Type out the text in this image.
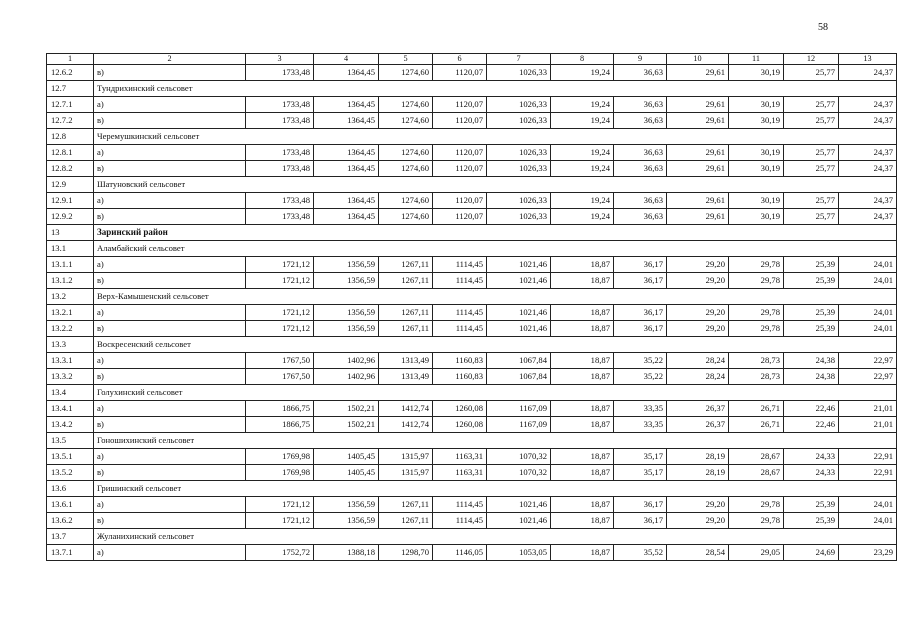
58
1	2	3	4	5	6	7	8	9	10	11	12	13
12.6.2	в)	1733,48	1364,45	1274,60	1120,07	1026,33	19,24	36,63	29,61	30,19	25,77	24,37
12.7	Тундрихинский сельсовет											
12.7.1	а)	1733,48	1364,45	1274,60	1120,07	1026,33	19,24	36,63	29,61	30,19	25,77	24,37
12.7.2	в)	1733,48	1364,45	1274,60	1120,07	1026,33	19,24	36,63	29,61	30,19	25,77	24,37
12.8	Черемушкинский сельсовет											
12.8.1	а)	1733,48	1364,45	1274,60	1120,07	1026,33	19,24	36,63	29,61	30,19	25,77	24,37
12.8.2	в)	1733,48	1364,45	1274,60	1120,07	1026,33	19,24	36,63	29,61	30,19	25,77	24,37
12.9	Шатуновский сельсовет											
12.9.1	а)	1733,48	1364,45	1274,60	1120,07	1026,33	19,24	36,63	29,61	30,19	25,77	24,37
12.9.2	в)	1733,48	1364,45	1274,60	1120,07	1026,33	19,24	36,63	29,61	30,19	25,77	24,37
13	Заринский район											
13.1	Аламбайский сельсовет											
13.1.1	а)	1721,12	1356,59	1267,11	1114,45	1021,46	18,87	36,17	29,20	29,78	25,39	24,01
13.1.2	в)	1721,12	1356,59	1267,11	1114,45	1021,46	18,87	36,17	29,20	29,78	25,39	24,01
13.2	Верх-Камышенский сельсовет											
13.2.1	а)	1721,12	1356,59	1267,11	1114,45	1021,46	18,87	36,17	29,20	29,78	25,39	24,01
13.2.2	в)	1721,12	1356,59	1267,11	1114,45	1021,46	18,87	36,17	29,20	29,78	25,39	24,01
13.3	Воскресенский сельсовет											
13.3.1	а)	1767,50	1402,96	1313,49	1160,83	1067,84	18,87	35,22	28,24	28,73	24,38	22,97
13.3.2	в)	1767,50	1402,96	1313,49	1160,83	1067,84	18,87	35,22	28,24	28,73	24,38	22,97
13.4	Голухинский сельсовет											
13.4.1	а)	1866,75	1502,21	1412,74	1260,08	1167,09	18,87	33,35	26,37	26,71	22,46	21,01
13.4.2	в)	1866,75	1502,21	1412,74	1260,08	1167,09	18,87	33,35	26,37	26,71	22,46	21,01
13.5	Гоношихинский сельсовет											
13.5.1	а)	1769,98	1405,45	1315,97	1163,31	1070,32	18,87	35,17	28,19	28,67	24,33	22,91
13.5.2	в)	1769,98	1405,45	1315,97	1163,31	1070,32	18,87	35,17	28,19	28,67	24,33	22,91
13.6	Гришинский сельсовет											
13.6.1	а)	1721,12	1356,59	1267,11	1114,45	1021,46	18,87	36,17	29,20	29,78	25,39	24,01
13.6.2	в)	1721,12	1356,59	1267,11	1114,45	1021,46	18,87	36,17	29,20	29,78	25,39	24,01
13.7	Жуланихинский сельсовет											
13.7.1	а)	1752,72	1388,18	1298,70	1146,05	1053,05	18,87	35,52	28,54	29,05	24,69	23,29
